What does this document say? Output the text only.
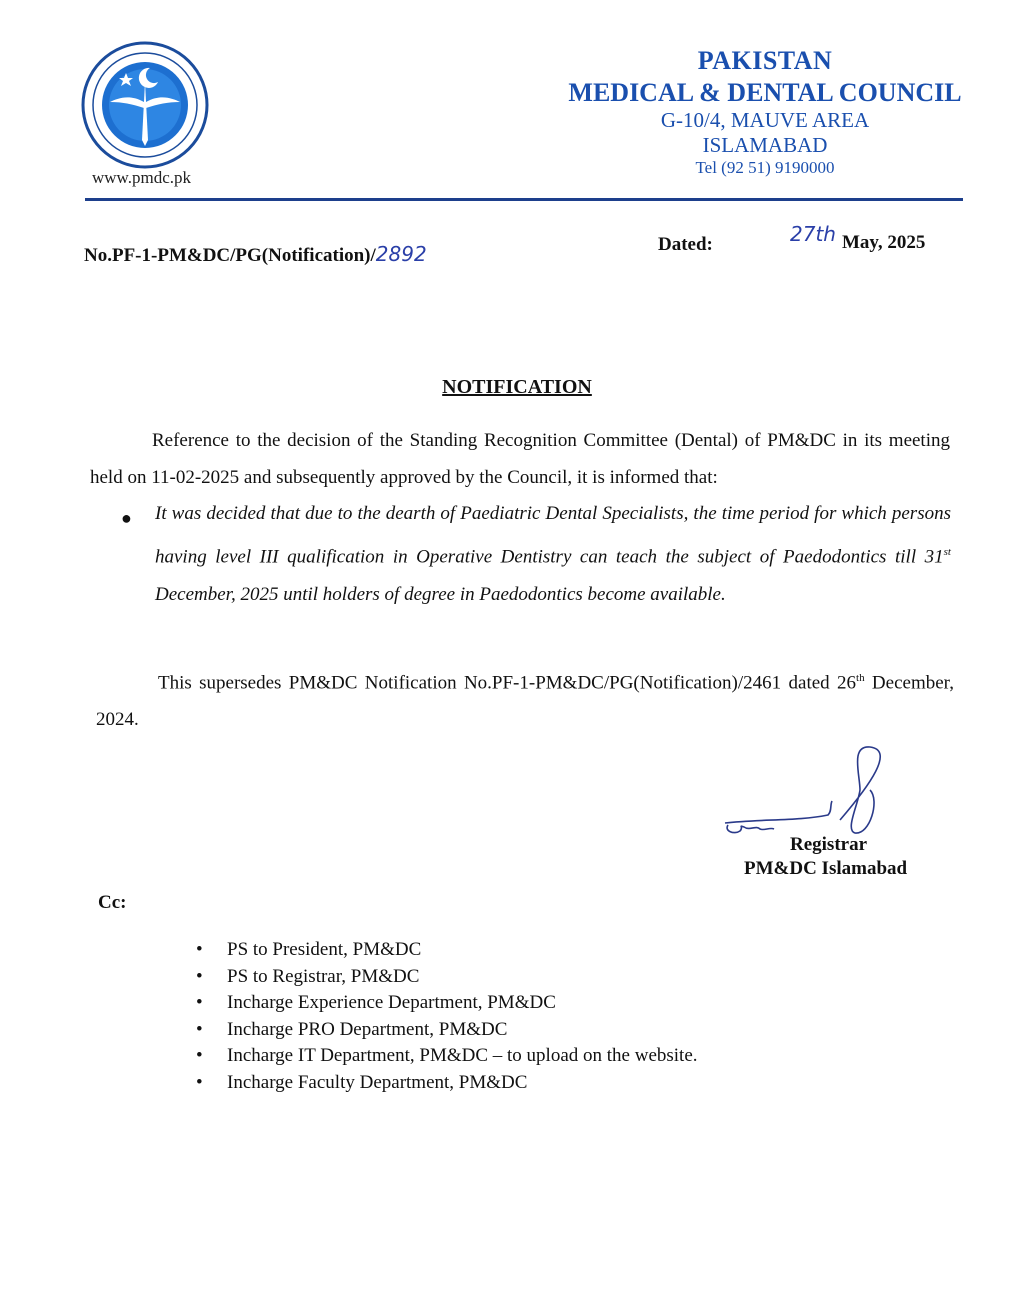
www.pmdc.pk
PAKISTAN
MEDICAL & DENTAL COUNCIL
G-10/4, MAUVE AREA
ISLAMABAD
Tel (92 51) 9190000
No.PF-1-PM&DC/PG(Notification)/2892	Dated:	27th May, 2025
NOTIFICATION
Reference to the decision of the Standing Recognition Committee (Dental) of PM&DC in its meeting held on 11-02-2025 and subsequently approved by the Council, it is informed that:
● It was decided that due to the dearth of Paediatric Dental Specialists, the time period for which persons having level III qualification in Operative Dentistry can teach the subject of Paedodontics till 31st December, 2025 until holders of degree in Paedodontics become available.
This supersedes PM&DC Notification No.PF-1-PM&DC/PG(Notification)/2461 dated 26th December, 2024.
Registrar
PM&DC Islamabad
Cc:
• PS to President, PM&DC
• PS to Registrar, PM&DC
• Incharge Experience Department, PM&DC
• Incharge PRO Department, PM&DC
• Incharge IT Department, PM&DC – to upload on the website.
• Incharge Faculty Department, PM&DC
